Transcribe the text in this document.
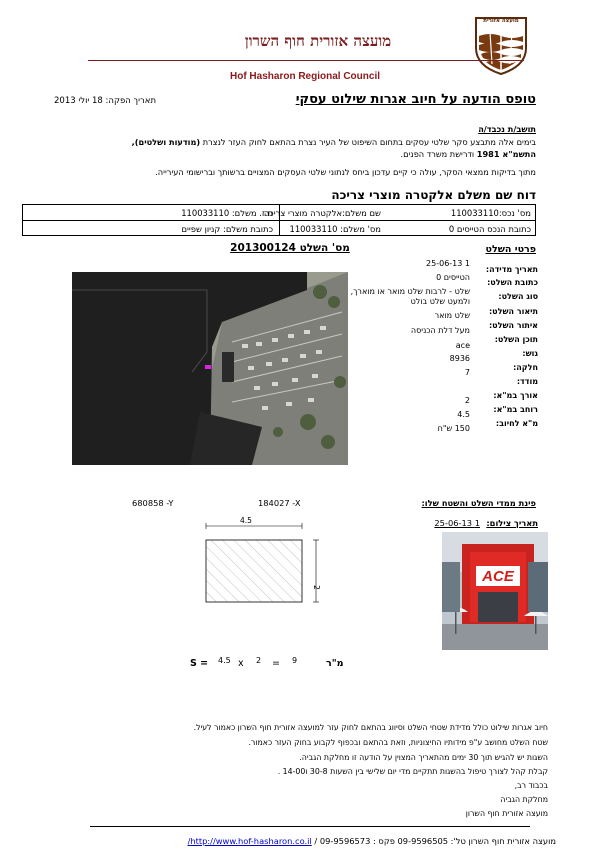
מועצה אזורית
מועצה אזורית חוף השרון
Hof Hasharon Regional Council
טופס הודעה על חיוב אגרות שילוט עסקי
תאריך הפקה: 18 יולי 2013
תושב/ת נכבד/ה
בימים אלה מתבצע סקר שלטי עסקים בתחום השיפוט של העיר נצרת בהתאם לחוק העזר לנצרת (מודעות ושלטים),
התשמ"א 1981 ודרישת משרד הפנים.
מתוך בדיקות ממצאי הסקר, עולה כי קיים עדכון ביחס לנתוני שלטי העסקים המצויים ברשותך וברישומי העירייה.
דוח שם משלם אלקטרה מוצרי צריכה
מס' נכס:110033110
שם משלם:אלקטרה מוצרי צריכה
ת.ז. משלם: 110033110
כתובת הנכס הטייסים 0
מס' משלם: 110033110
כתובת משלם: קניון שפיים
פרטי השלט
מס' השלט 201300124
תאריך מדידה:
1 25-06-13
כתובת השלט:
הטייסים 0
סוג השלט:
שלט - לרבות שלט מואר או מוארך, ולמעט שלט בולט
תיאור השלט:
שלט מואר
איתור השלט:
מעל דלת הכניסה
תוכן השלט:
ace
גוש:
8936
חלקה:
7
מודד:
אורך במ"א:
2
רוחב במ"א:
4.5
מ"א לחיוב:
150 ש"ח
פינת ממדי השלט והשטח שלו:
184027 -X
680858 -Y
תאריך צילום:
1 25-06-13
4.5
2
ACE
S = 4.5 x 2 = 9	מ"ר
חיוב אגרות שילוט כולל מדידת שטחי השלט וסיווג בהתאם לחוק עזר למועצה אזורית חוף השרון כאמור לעיל.
שטח השלט מחושב ע"פ מידותיו החיצוניות, וזאת בהתאם ובכפוף לקבוע בחוק העזר כאמור.
השגות יש להגיש תוך 30 ימים מהתאריך המצוין על הודעה זו מחלקת הגביה.
קבלת קהל לצורך טיפול בהשגות תתקיים מדי יום שלישי בין השעות 30-8 ו14-00 .
בכבוד רב,
מחלקת הגביה
מועצה אזורית חוף השרון
מועצה אזורית חוף השרון טל': 09-9596505 פקס : 09-9596573 / http://www.hof-hasharon.co.il/
